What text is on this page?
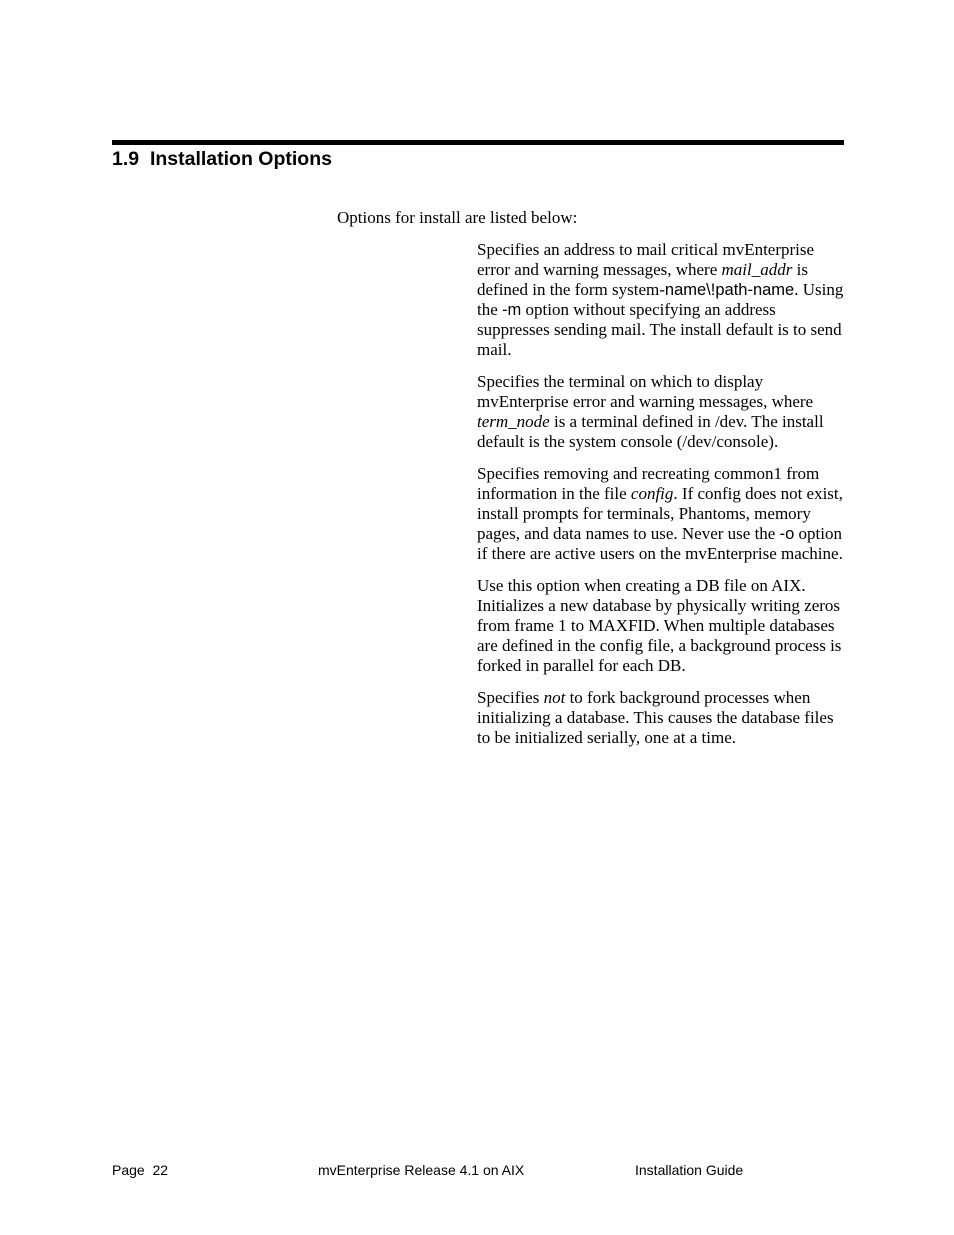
1.9  Installation Options

Options for install are listed below:

Specifies an address to mail critical mvEnterprise error and warning messages, where mail_addr is defined in the form system-name\!path-name. Using the -m option without specifying an address suppresses sending mail. The install default is to send mail.

Specifies the terminal on which to display mvEnterprise error and warning messages, where term_node is a terminal defined in /dev. The install default is the system console (/dev/console).

Specifies removing and recreating common1 from information in the file config. If config does not exist, install prompts for terminals, Phantoms, memory pages, and data names to use. Never use the -o option if there are active users on the mvEnterprise machine.

Use this option when creating a DB file on AIX. Initializes a new database by physically writing zeros from frame 1 to MAXFID. When multiple databases are defined in the config file, a background process is forked in parallel for each DB.

Specifies not to fork background processes when initializing a database. This causes the database files to be initialized serially, one at a time.

Page  22	mvEnterprise Release 4.1 on AIX	Installation Guide
